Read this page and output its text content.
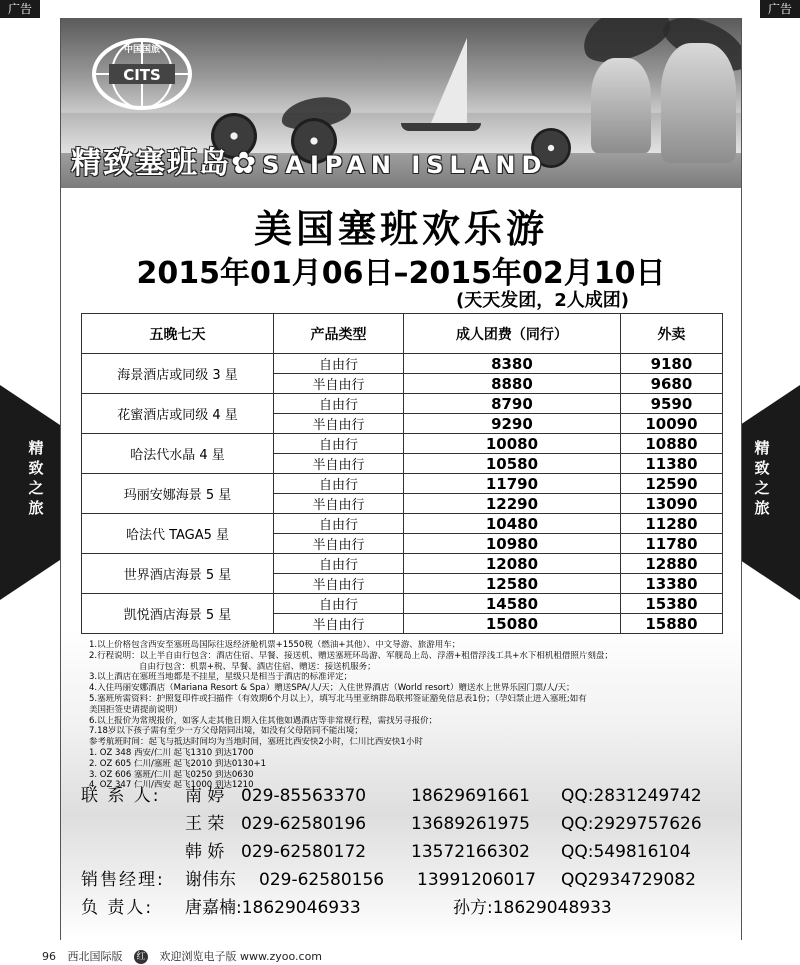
广告	广告
精致之旅
精致之旅
CITS
中国国旅
精致塞班岛✿ SAIPAN ISLAND
美国塞班欢乐游
2015年01月06日–2015年02月10日
(天天发团，2人成团)
五晚七天	产品类型	成人团费（同行）	外卖
海景酒店或同级 3 星	自由行	8380	9180
	半自由行	8880	9680
花蜜酒店或同级 4 星	自由行	8790	9590
	半自由行	9290	10090
哈法代水晶 4 星	自由行	10080	10880
	半自由行	10580	11380
玛丽安娜海景 5 星	自由行	11790	12590
	半自由行	12290	13090
哈法代 TAGA5 星	自由行	10480	11280
	半自由行	10980	11780
世界酒店海景 5 星	自由行	12080	12880
	半自由行	12580	13380
凯悦酒店海景 5 星	自由行	14580	15380
	半自由行	15080	15880
1.以上价格包含西安至塞班岛国际往返经济舱机票+1550税（燃油+其他）、中文导游、旅游用车；
2.行程说明：以上半自由行包含：酒店住宿、早餐、接送机、赠送塞班环岛游、军舰岛上岛、浮潜+租借浮浅工具+水下相机租借照片刻盘；
自由行包含：机票+税、早餐、酒店住宿、赠送：接送机服务；
3.以上酒店在塞班当地都是不挂星，星级只是相当于酒店的标准评定；
4.入住玛丽安娜酒店（Mariana Resort & Spa）赠送SPA/人/天；入住世界酒店（World resort）赠送水上世界乐园门票/人/天；
5.塞班所需资料：护照复印件或扫描件（有效期6个月以上），填写北马里亚纳群岛联邦签证豁免信息表1份；（孕妇禁止进入塞班;如有
美国拒签史请提前说明）
6.以上报价为常规报价，如客人走其他日期入住其他如遇酒店等非常规行程，需找另寻报价；
7.18岁以下孩子需有至少一方父母陪同出境，如没有父母陪同不能出境；
参考航班时间：起飞与抵达时间均为当地时间，塞班比西安快2小时，仁川比西安快1小时
1. OZ 348 西安/仁川 起飞1310 到达1700
2. OZ 605 仁川/塞班 起飞2010 到达0130+1
3. OZ 606 塞班/仁川 起飞0250 到达0630
4. OZ 347 仁川/西安 起飞1000 到达1210
联 系 人:	南 婷 029-85563370	18629691661 QQ:2831249742
王 荣 029-62580196	13689261975 QQ:2929757626
韩 娇 029-62580172	13572166302 QQ:549816104
销售经理:	谢伟东 029-62580156 13991206017 QQ2934729082
负 责人:	唐嘉楠:18629046933	孙方:18629048933
96 西北国际版 红 欢迎浏览电子版 www.zyoo.com
